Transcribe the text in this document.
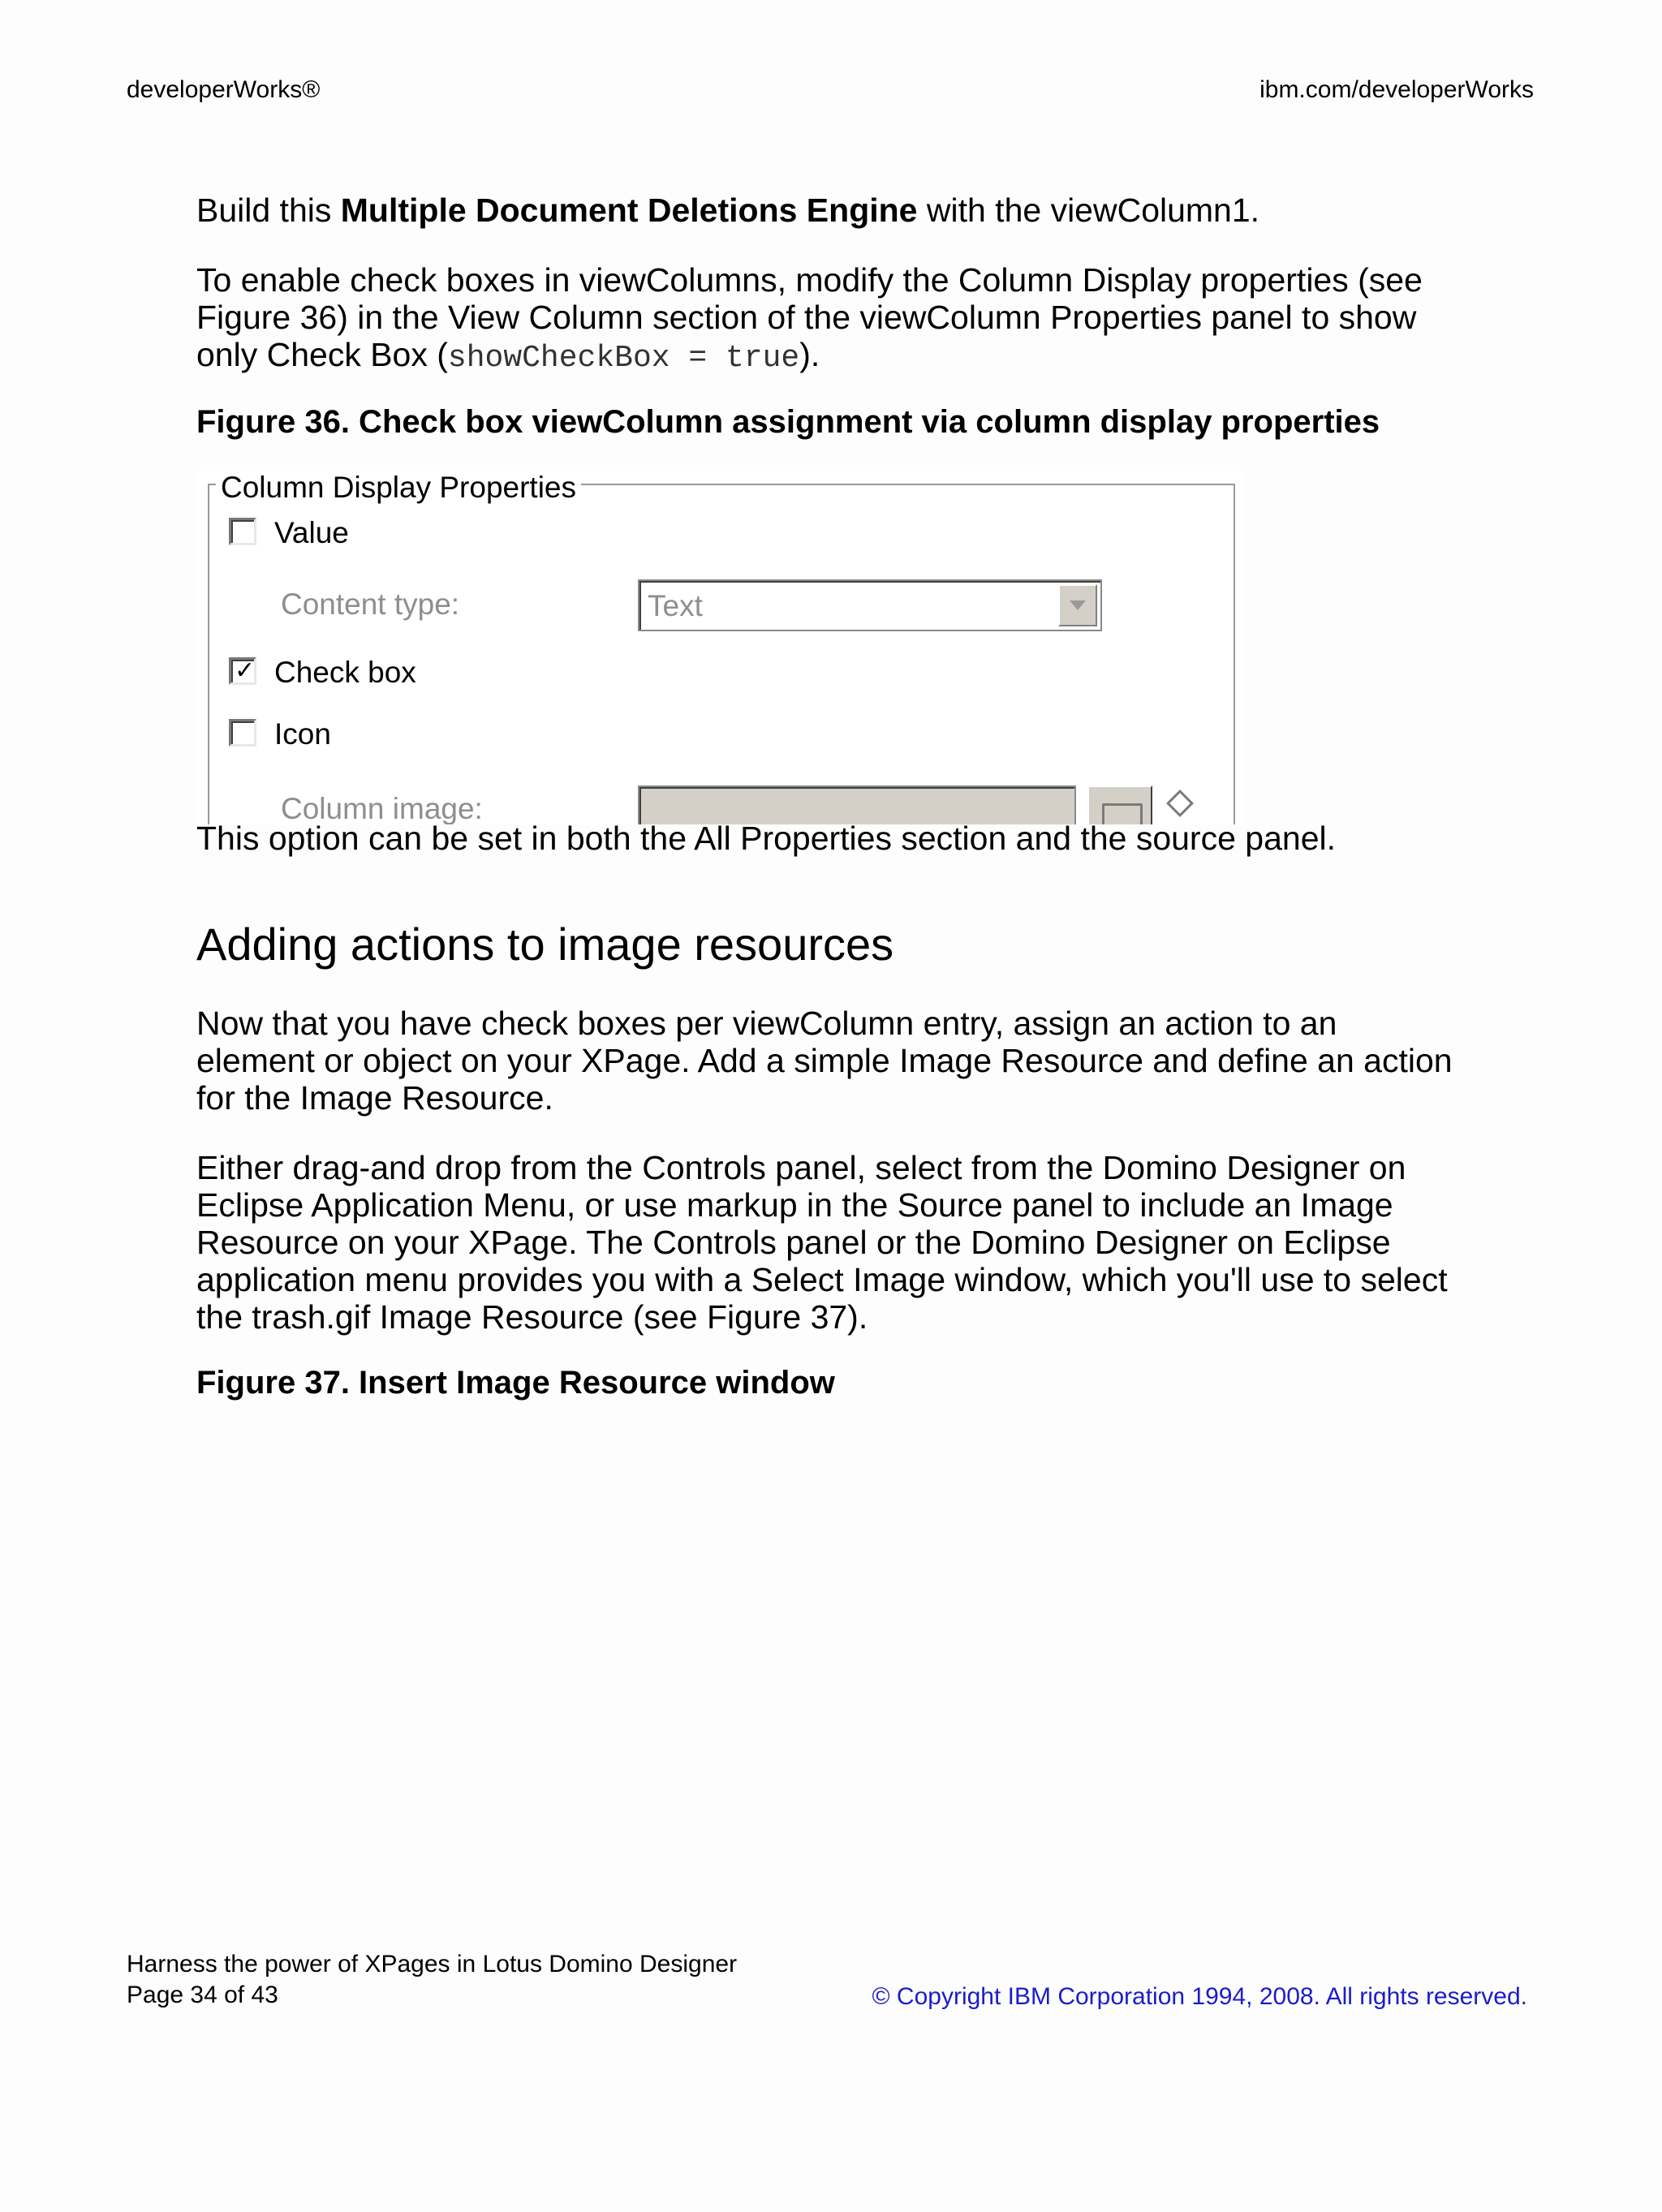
developerWorks®	ibm.com/developerWorks

Build this Multiple Document Deletions Engine with the viewColumn1.

To enable check boxes in viewColumns, modify the Column Display properties (see Figure 36) in the View Column section of the viewColumn Properties panel to show only Check Box (showCheckBox = true).

Figure 36. Check box viewColumn assignment via column display properties

Column Display Properties
Value
Content type:	Text
✓ Check box
Icon
Column image:

This option can be set in both the All Properties section and the source panel.

Adding actions to image resources

Now that you have check boxes per viewColumn entry, assign an action to an element or object on your XPage. Add a simple Image Resource and define an action for the Image Resource.

Either drag-and drop from the Controls panel, select from the Domino Designer on Eclipse Application Menu, or use markup in the Source panel to include an Image Resource on your XPage. The Controls panel or the Domino Designer on Eclipse application menu provides you with a Select Image window, which you'll use to select the trash.gif Image Resource (see Figure 37).

Figure 37. Insert Image Resource window

Harness the power of XPages in Lotus Domino Designer
Page 34 of 43	© Copyright IBM Corporation 1994, 2008. All rights reserved.
